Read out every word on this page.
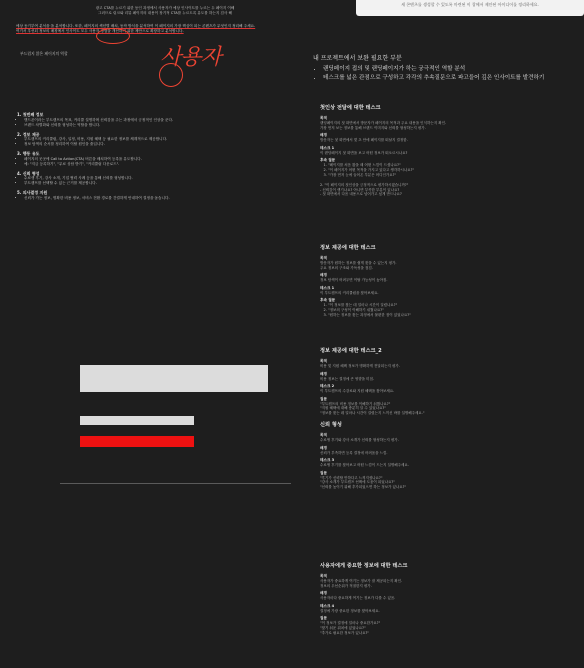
새 콘텐츠를 생성할 수 있도록 마련된 이 창에서 제안된 아이디어를 정리하세요.
광고 CTA를 누르기 위한 동인 과정에서 사용자가 예상 인사이트를 누르는 두 페이지 이해
그러므로 링크와 리뷰 페이지의 내용이 장기적 CTA를 누르도록 유도를 하는지 검사 해
에상 동기부여 분석을 을 분석합니다. 또한, 페이지의 섹션별 배치, 동작 방식을 분석하여 이 페이지의 가장 핵심이 되는 콘텐츠가 무엇인지 정리해 주세요.
여기서 우선되 정보의 매칭에서 인사이트 모두 사용자 경험을 개선하기 위한 제안으로 확장하고 분석합니다.
사용자
부드럽지 않은 페이지의 역할
1. 첫번째 정보
• 핸드폰이라는 부트캠프의 목표, 커리큘 설명하며 신뢰감을 주는 과정에서 긍정적인 인상을 준다.
• 브랜드 차별화와 신뢰를 형성하는 역할을 합니다.
2. 정보 제공
• 부트캠프의 커리큘럼, 강사, 일정, 비용, 지원 혜택 등 필요한 정보를 체계적으로 제공합니다.
• 정보 탐색의 순서를 정리하여 이탈 원인을 줄입니다.
3. 행동 유도
• 페이지의 곳곳에 Call to Action(CTA) 버튼을 배치하여 등록을 유도합니다.
• 예: "지금 등록하기", "무료 상담 받기", "커리큘럼 다운로드".
4. 신뢰 형성
• 수료생 후기, 강사 소개, 기업 협력 사례 등을 통해 신뢰를 형성합니다.
• 부트캠프를 선택할 수 있는 근거를 제공합니다.
5. 의사결정 지원
• 신뢰가 가는 정보, 명확한 비용 정보, 서비스 전환 경로를 간결하게 안내하여 결정을 돕습니다.
내 프로젝트에서 보완 필요한 부분
• 랜딩페이지 접의 및 랜딩페이지가 하는 궁극적인 역할 분석
• 테스크를 넓은 관점으로 구성하고 각각의 추속질문으로 파고들어 깊은 인사이트를 발견하기
첫인상 전달에 대한 테스크
목적
랜딩페이지의 첫 화면에서 방문자가 페이지의 목적과 주요 내용을 인식하는지 확인.
가장 먼저 보는 정보를 통해 브랜드 이미지와 신뢰를 형성하는지 평가.
배경
방문자는 첫 화면에서 몇 초 안에 페이지를 떠날지 결정함.
테스크 1
이 랜딩페이지 첫 화면을 보고 어떤 정보가 떠오르시나요?
후속 질문
1. "페이지를 처음 봤을 때 어떤 느낌이 드셨나요?"
2. "이 페이지가 어떤 목적을 가지고 있다고 생각하시나요?"
3. "가장 먼저 눈에 들어온 부분은 어디인가요?"
2. "이 페이지의 첫인상을 긍정적으로 평가하시겠습니까?"
- 신뢰감이 생기나요? 아니면 부족한 부분이 있나요?
- 첫 화면에서 다음 내용으로 넘어가고 싶게 만드나요?
정보 제공에 대한 테스크
목적
방문자가 원하는 정보를 쉽게 찾을 수 있는지 평가.
주요 정보의 구조와 가독성을 점검.
배경
정보 탐색이 어려우면 이탈 가능성이 높아짐.
테스크 1
이 부트캠프의 커리큘럼을 찾아보세요.
후속 질문
1. "이 정보를 찾는 데 얼마나 시간이 걸렸나요?"
2. "정보의 구성이 이해하기 쉬웠나요?"
3. "원하는 정보를 찾는 과정에서 불편한 점이 있었나요?"
정보 제공에 대한 테스크_2
목적
비용 및 지원 혜택 정보가 명확하게 전달되는지 평가.
배경
비용 정보는 결정에 큰 영향을 미침.
테스크 2
이 부트캠프의 수강료와 지원 혜택을 찾아보세요.
질문
"부트캠프의 비용 정보를 이해하기 쉬웠나요?"
"지원 혜택에 대해 충분히 알 수 있었나요?"
"정보를 찾는 데 얼마나 시간이 걸렸는지 느끼신 바를 설명해주세요."
신뢰 형성
목적
수료생 후기와 강사 소개가 신뢰를 형성하는지 평가.
배경
신뢰가 부족하면 등록 결정에 어려움을 느낌.
테스크 3
수료생 후기를 찾아보고 어떤 느낌이 드는지 설명해주세요.
질문
"후기가 신뢰할 만하다고 느껴지셨나요?"
"강사 소개가 부트캠프 선택에 도움이 되었나요?"
"신뢰를 높이기 위해 추가되었으면 하는 정보가 있나요?"
사용자에게 중요한 정보에 대한 테스크
목적
사용자가 중요하게 여기는 정보가 잘 제공되는지 확인.
정보의 우선순위가 적절한지 평가.
배경
사용자마다 중요하게 여기는 정보가 다를 수 있음.
테스크 4
결정에 가장 중요한 정보를 찾아보세요.
질문
"이 정보가 결정에 얼마나 중요한가요?"
"찾기 쉬운 위치에 있었나요?"
"추가로 필요한 정보가 있나요?"
